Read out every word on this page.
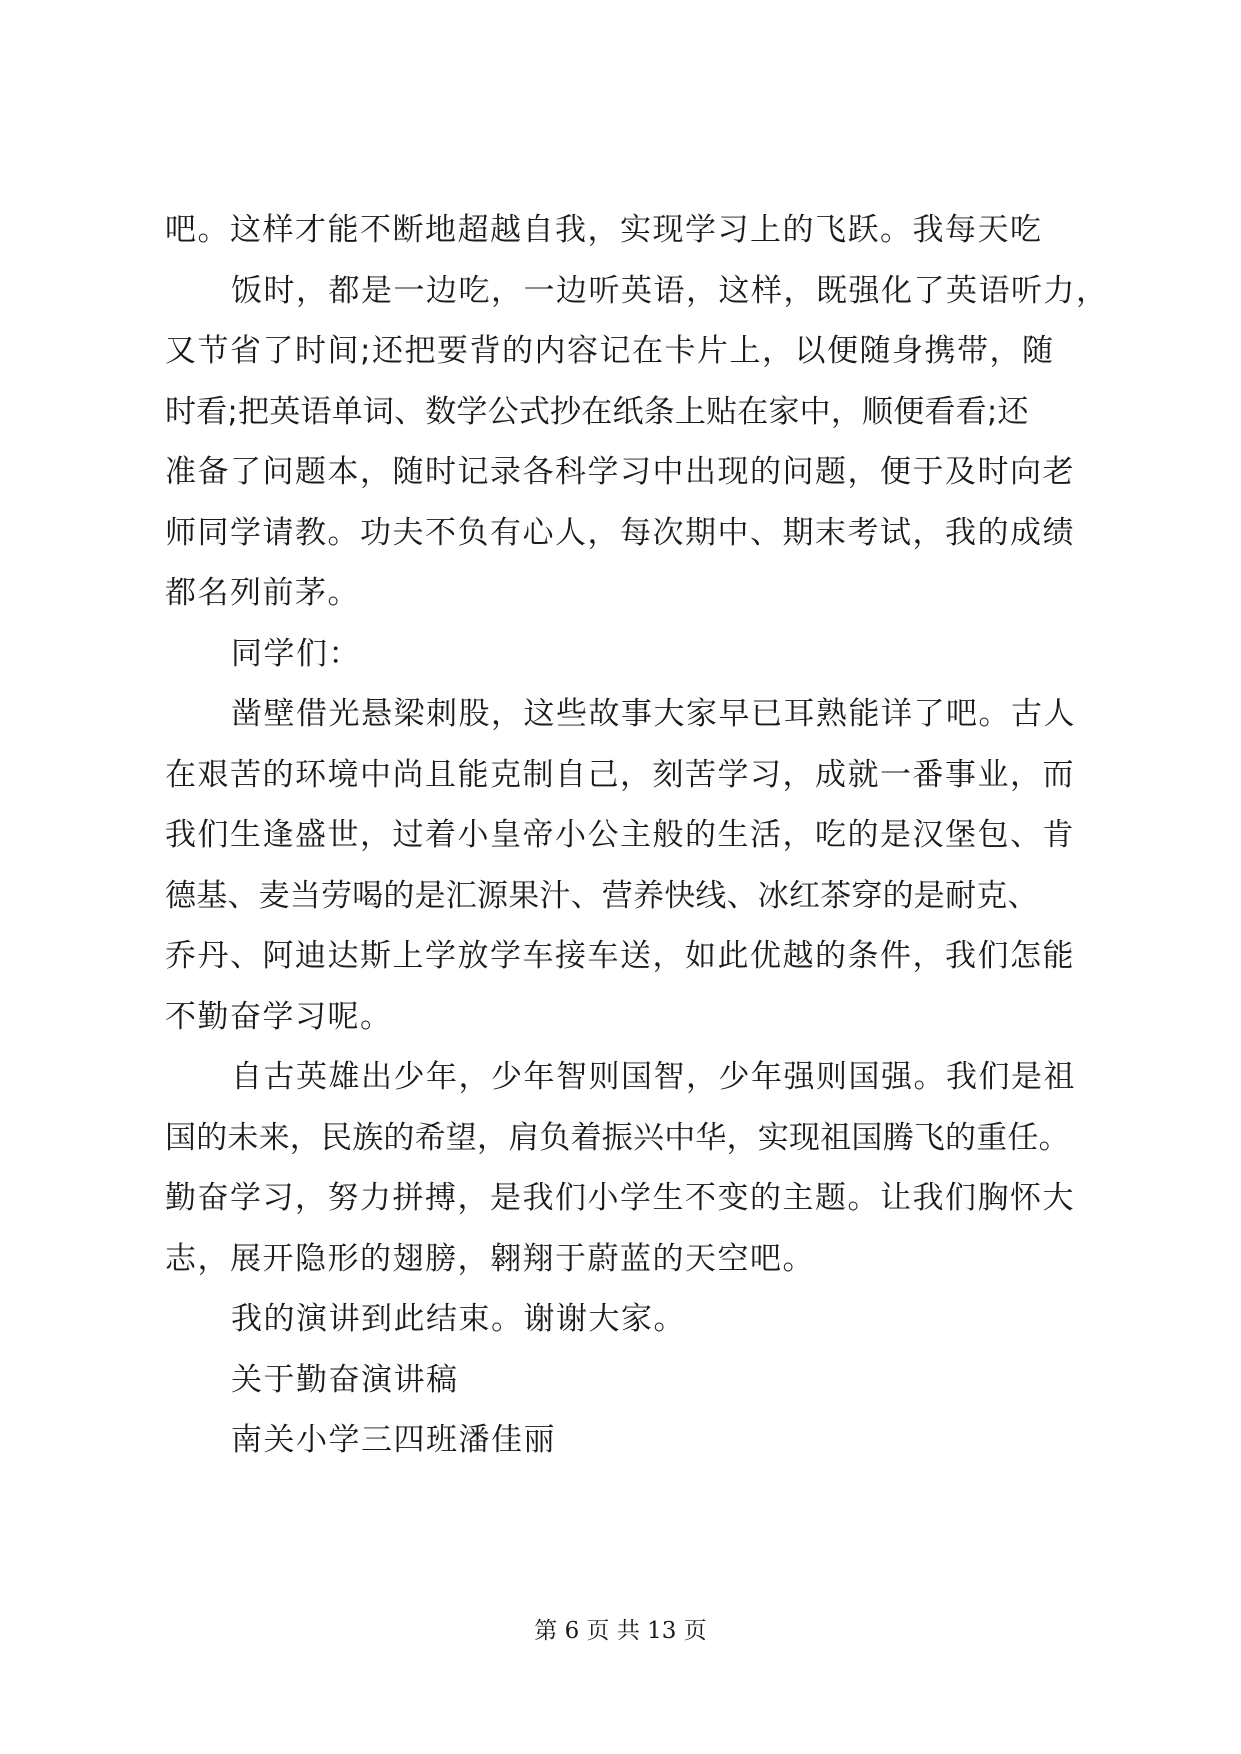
吧。这样才能不断地超越自我，实现学习上的飞跃。我每天吃
饭时，都是一边吃，一边听英语，这样，既强化了英语听力，
又节省了时间;还把要背的内容记在卡片上，以便随身携带，随
时看;把英语单词、数学公式抄在纸条上贴在家中，顺便看看;还
准备了问题本，随时记录各科学习中出现的问题，便于及时向老
师同学请教。功夫不负有心人，每次期中、期末考试，我的成绩
都名列前茅。
同学们：
凿壁借光悬梁刺股，这些故事大家早已耳熟能详了吧。古人
在艰苦的环境中尚且能克制自己，刻苦学习，成就一番事业，而
我们生逢盛世，过着小皇帝小公主般的生活，吃的是汉堡包、肯
德基、麦当劳喝的是汇源果汁、营养快线、冰红茶穿的是耐克、
乔丹、阿迪达斯上学放学车接车送，如此优越的条件，我们怎能
不勤奋学习呢。
自古英雄出少年，少年智则国智，少年强则国强。我们是祖
国的未来，民族的希望，肩负着振兴中华，实现祖国腾飞的重任。
勤奋学习，努力拼搏，是我们小学生不变的主题。让我们胸怀大
志，展开隐形的翅膀，翱翔于蔚蓝的天空吧。
我的演讲到此结束。谢谢大家。
关于勤奋演讲稿
南关小学三四班潘佳丽
第 6 页 共 13 页
